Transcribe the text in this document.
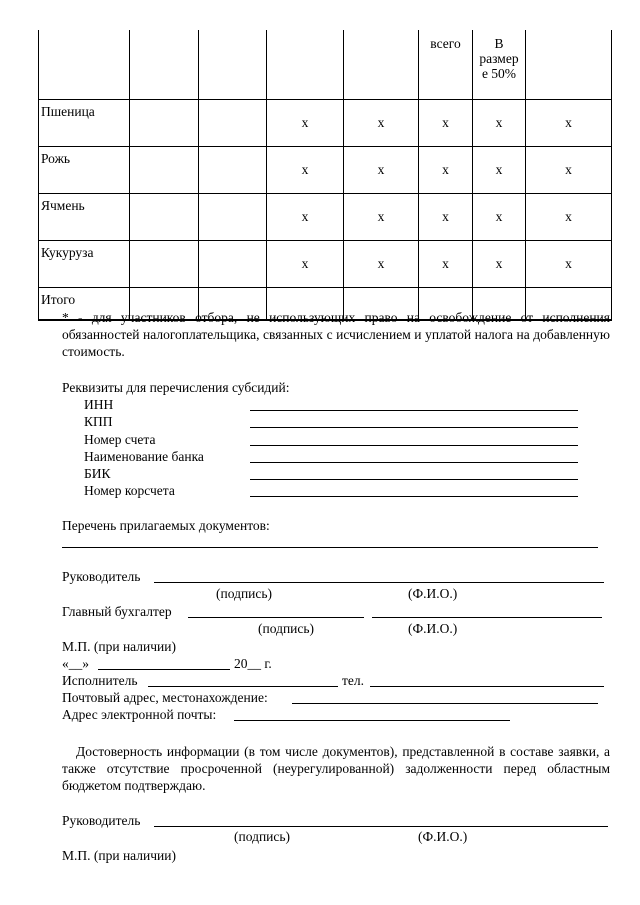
					всего	В размер е 50%	

Пшеница			x	x	x	x	x
Рожь			x	x	x	x	x
Ячмень			x	x	x	x	x
Кукуруза			x	x	x	x	x
Итого							
* - для участников отбора, не использующих право на освобождение от исполнения обязанностей налогоплательщика, связанных с исчислением и уплатой налога на добавленную стоимость.
Реквизиты для перечисления субсидий:
ИНН
КПП
Номер счета
Наименование банка
БИК
Номер корсчета
Перечень прилагаемых документов:
Руководитель
(подпись)	(Ф.И.О.)
Главный бухгалтер
(подпись)	(Ф.И.О.)
М.П. (при наличии)
«__»	20__ г.
Исполнитель	тел.
Почтовый адрес, местонахождение:
Адрес электронной почты:
Достоверность информации (в том числе документов), представленной в составе заявки, а также отсутствие просроченной (неурегулированной) задолженности перед областным бюджетом подтверждаю.
Руководитель
(подпись)	(Ф.И.О.)
М.П. (при наличии)
